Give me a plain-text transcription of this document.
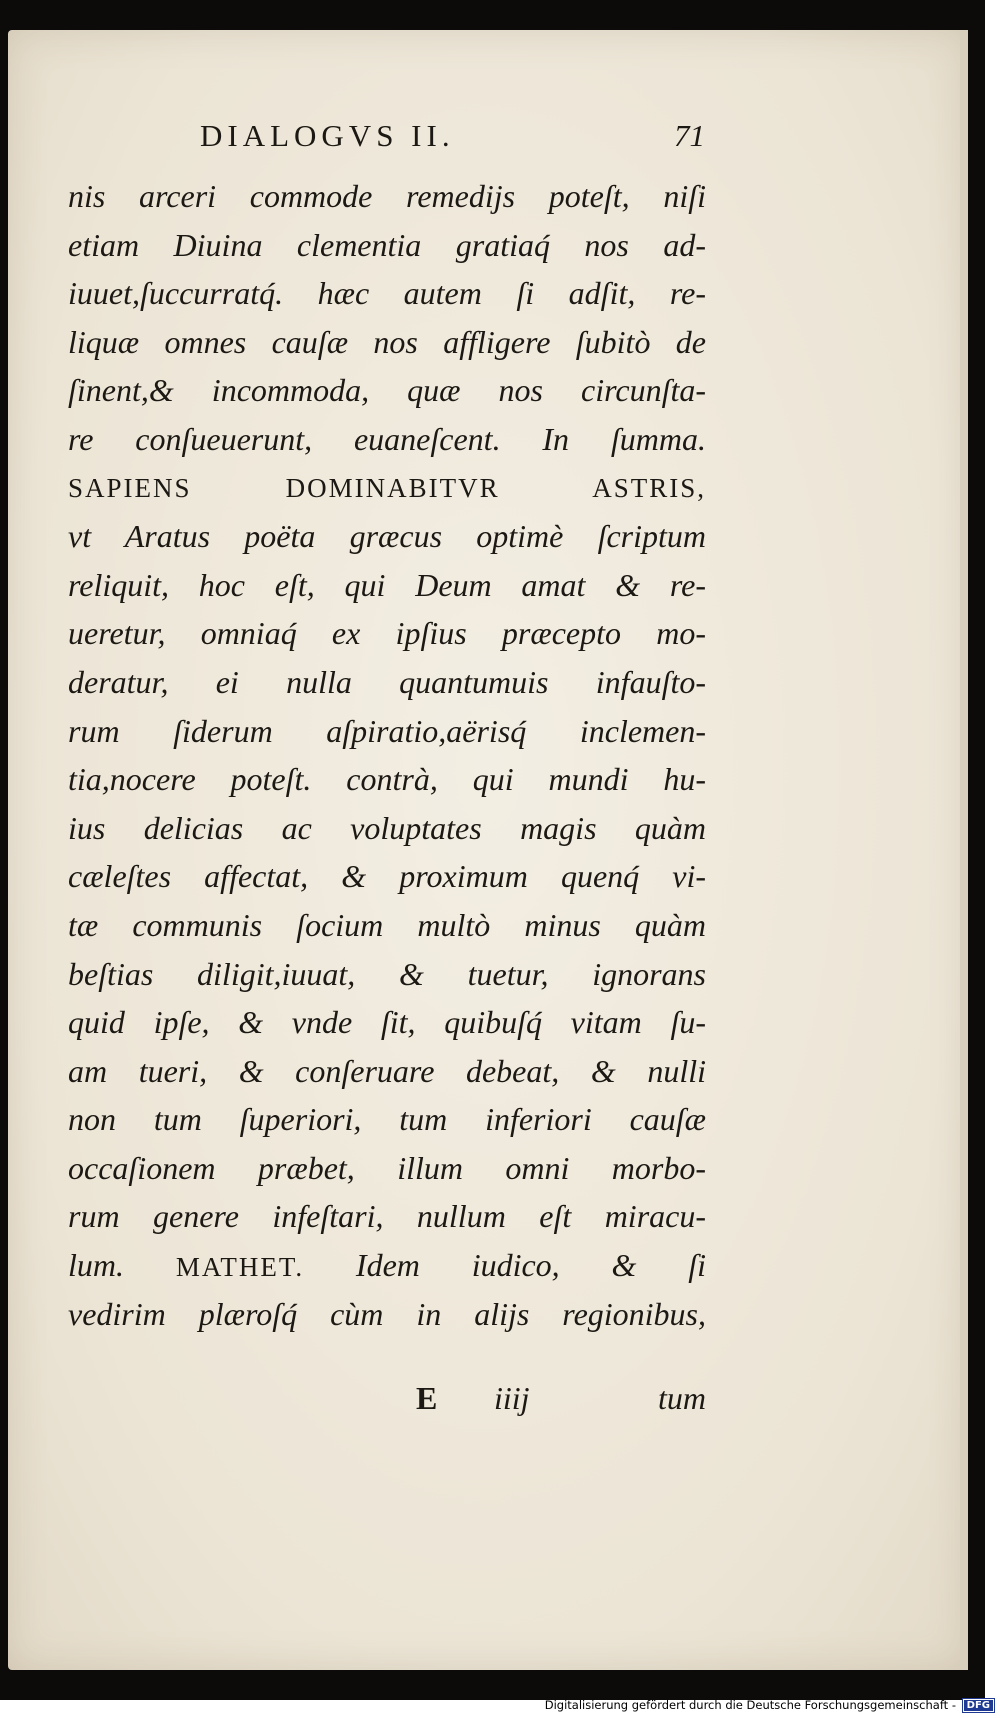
DIALOGVS II.	71
nis arceri commode remedijs poteſt, niſi
etiam Diuina clementia gratiaq́ nos ad-
iuuet,ſuccurratq́. hæc autem ſi adſit, re-
liquæ omnes cauſæ nos affligere ſubitò de
ſinent,& incommoda, quæ nos circunſta-
re conſueuerunt, euaneſcent. In ſumma.
SAPIENS DOMINABITVR ASTRIS,
vt Aratus poëta græcus optimè ſcriptum
reliquit, hoc eſt, qui Deum amat & re-
ueretur, omniaq́ ex ipſius præcepto mo-
deratur, ei nulla quantumuis infauſto-
rum ſiderum aſpiratio,aërisq́ inclemen-
tia,nocere poteſt. contrà, qui mundi hu-
ius delicias ac voluptates magis quàm
cæleſtes affectat, & proximum quenq́ vi-
tæ communis ſocium multò minus quàm
beſtias diligit,iuuat, & tuetur, ignorans
quid ipſe, & vnde ſit, quibuſq́ vitam ſu-
am tueri, & conſeruare debeat, & nulli
non tum ſuperiori, tum inferiori cauſæ
occaſionem præbet, illum omni morbo-
rum genere infeſtari, nullum eſt miracu-
lum. MATHET. Idem iudico, & ſi
vedirim plæroſq́ cùm in alijs regionibus,
E iiij	tum
Digitalisierung gefördert durch die Deutsche Forschungsgemeinschaft - DFG
